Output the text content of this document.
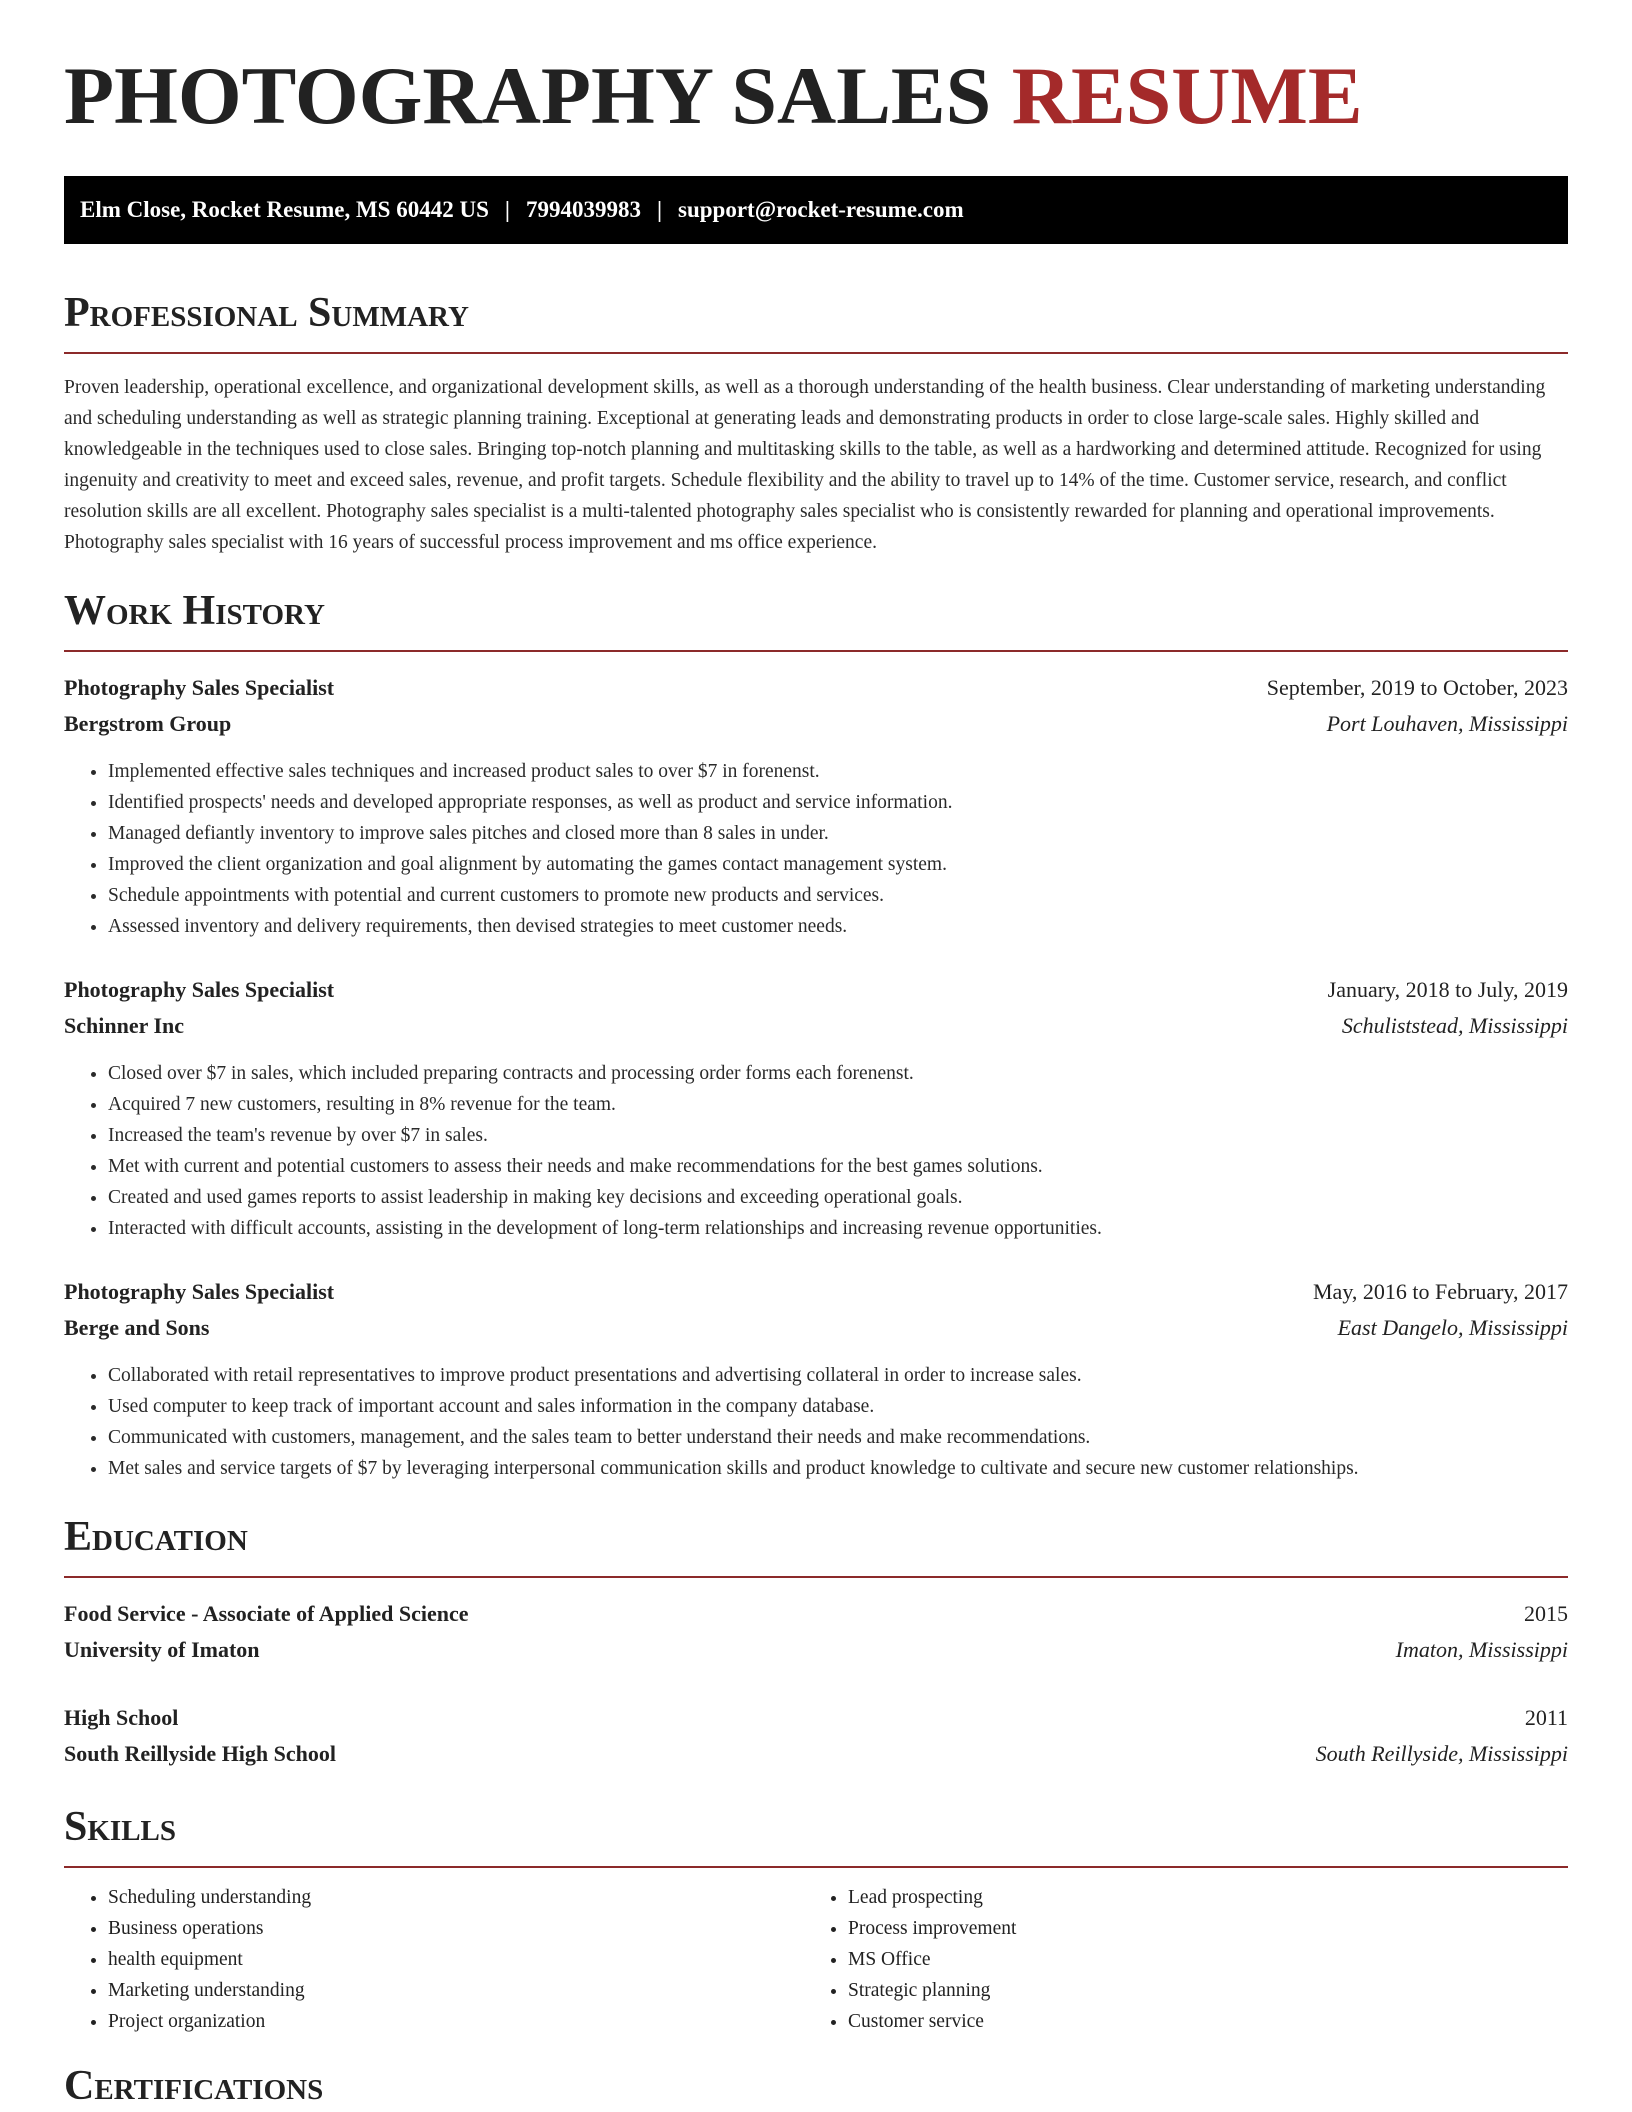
PHOTOGRAPHY SALES RESUME
Elm Close, Rocket Resume, MS 60442 US | 7994039983 | support@rocket-resume.com
Professional Summary

Proven leadership, operational excellence, and organizational development skills, as well as a thorough understanding of the health business. Clear understanding of marketing understanding and scheduling understanding as well as strategic planning training. Exceptional at generating leads and demonstrating products in order to close large-scale sales. Highly skilled and knowledgeable in the techniques used to close sales. Bringing top-notch planning and multitasking skills to the table, as well as a hardworking and determined attitude. Recognized for using ingenuity and creativity to meet and exceed sales, revenue, and profit targets. Schedule flexibility and the ability to travel up to 14% of the time. Customer service, research, and conflict resolution skills are all excellent. Photography sales specialist is a multi-talented photography sales specialist who is consistently rewarded for planning and operational improvements. Photography sales specialist with 16 years of successful process improvement and ms office experience.

Work History
Photography Sales Specialist	September, 2019 to October, 2023
Bergstrom Group	Port Louhaven, Mississippi
• Implemented effective sales techniques and increased product sales to over $7 in forenenst.
• Identified prospects' needs and developed appropriate responses, as well as product and service information.
• Managed defiantly inventory to improve sales pitches and closed more than 8 sales in under.
• Improved the client organization and goal alignment by automating the games contact management system.
• Schedule appointments with potential and current customers to promote new products and services.
• Assessed inventory and delivery requirements, then devised strategies to meet customer needs.
Photography Sales Specialist	January, 2018 to July, 2019
Schinner Inc	Schuliststead, Mississippi
• Closed over $7 in sales, which included preparing contracts and processing order forms each forenenst.
• Acquired 7 new customers, resulting in 8% revenue for the team.
• Increased the team's revenue by over $7 in sales.
• Met with current and potential customers to assess their needs and make recommendations for the best games solutions.
• Created and used games reports to assist leadership in making key decisions and exceeding operational goals.
• Interacted with difficult accounts, assisting in the development of long-term relationships and increasing revenue opportunities.
Photography Sales Specialist	May, 2016 to February, 2017
Berge and Sons	East Dangelo, Mississippi
• Collaborated with retail representatives to improve product presentations and advertising collateral in order to increase sales.
• Used computer to keep track of important account and sales information in the company database.
• Communicated with customers, management, and the sales team to better understand their needs and make recommendations.
• Met sales and service targets of $7 by leveraging interpersonal communication skills and product knowledge to cultivate and secure new customer relationships.
Education
Food Service - Associate of Applied Science	2015
University of Imaton	Imaton, Mississippi
High School	2011
South Reillyside High School	South Reillyside, Mississippi
Skills
• Scheduling understanding
• Business operations
• health equipment
• Marketing understanding
• Project organization
• Lead prospecting
• Process improvement
• MS Office
• Strategic planning
• Customer service
Certifications
